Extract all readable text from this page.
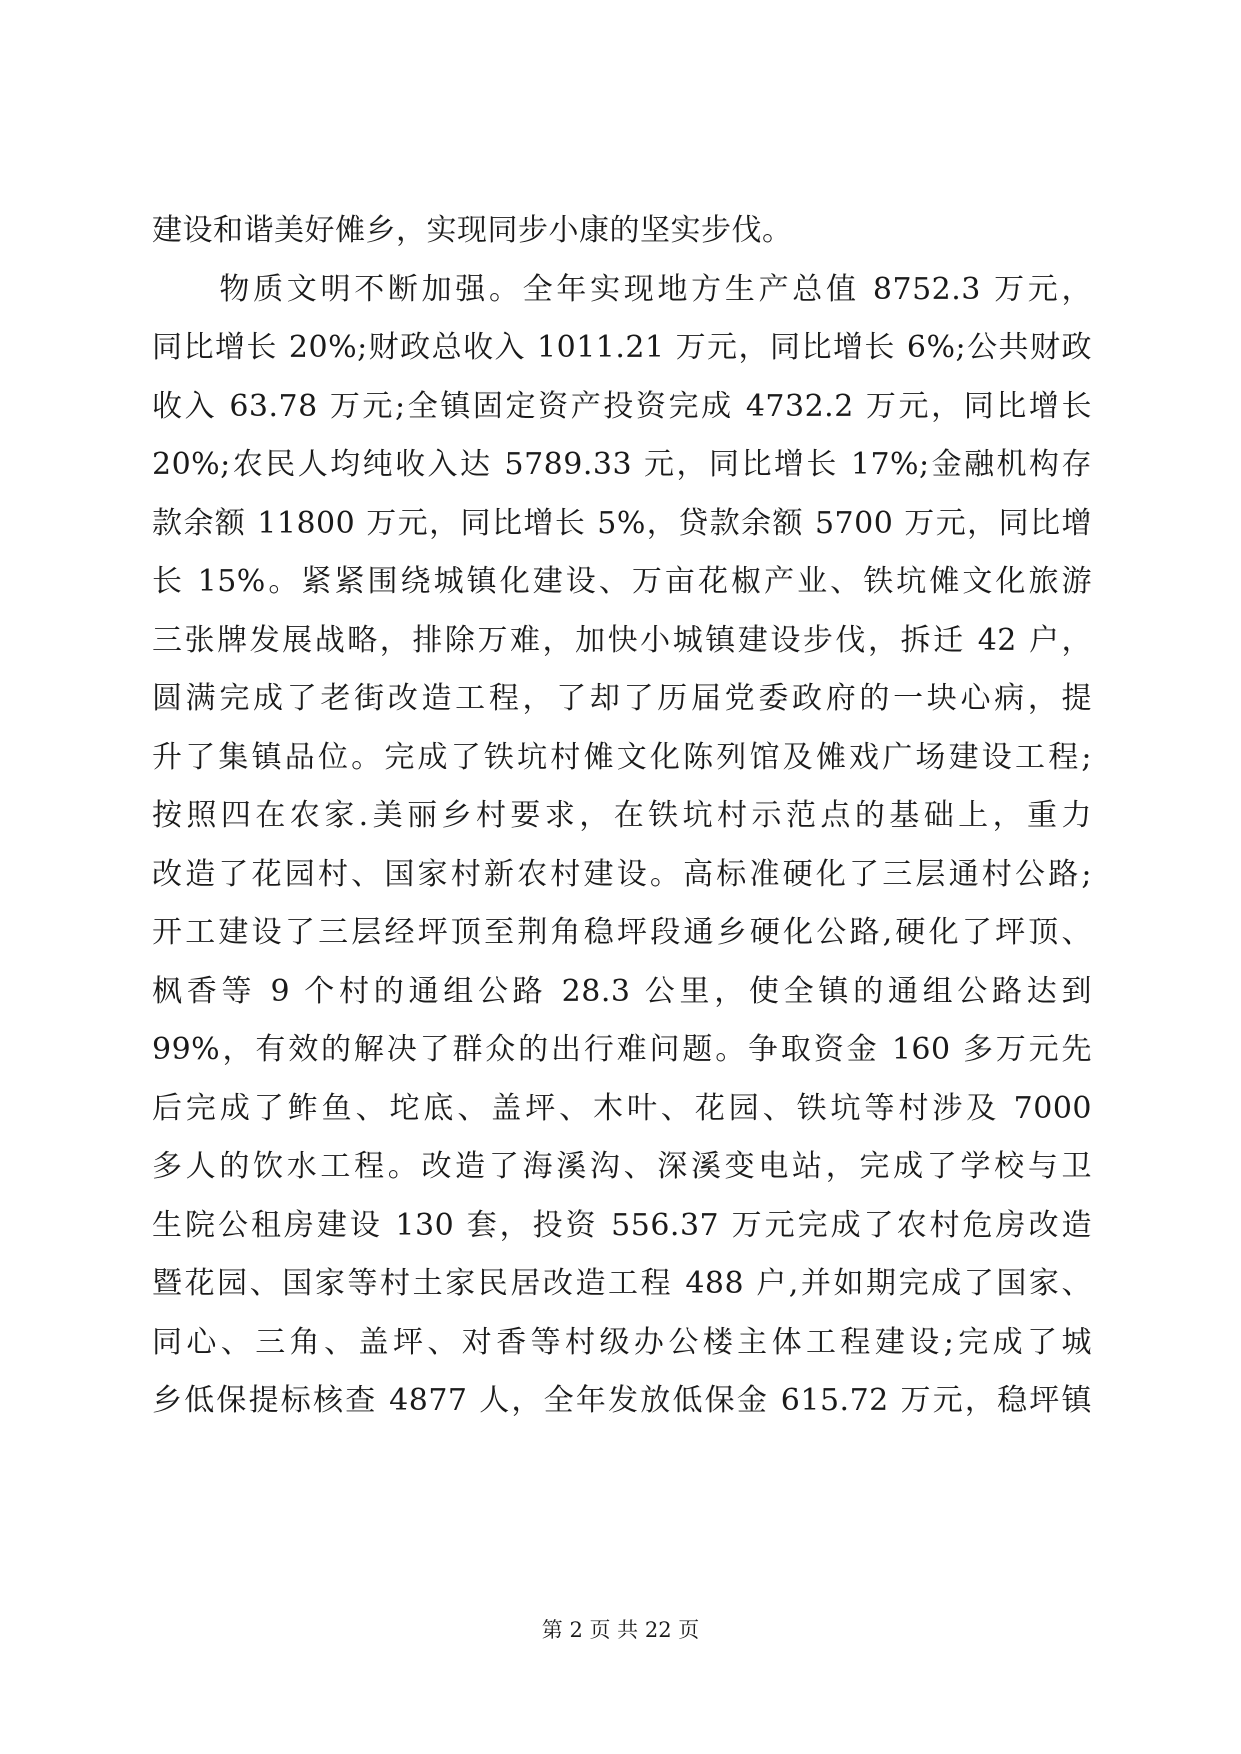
建设和谐美好傩乡，实现同步小康的坚实步伐。
　　物质文明不断加强。全年实现地方生产总值 8752.3 万元，
同比增长 20%;财政总收入 1011.21 万元，同比增长 6%;公共财政
收入 63.78 万元;全镇固定资产投资完成 4732.2 万元，同比增长
20%;农民人均纯收入达 5789.33 元，同比增长 17%;金融机构存
款余额 11800 万元，同比增长 5%，贷款余额 5700 万元，同比增
长 15%。紧紧围绕城镇化建设、万亩花椒产业、铁坑傩文化旅游
三张牌发展战略，排除万难，加快小城镇建设步伐，拆迁 42 户，
圆满完成了老街改造工程，了却了历届党委政府的一块心病，提
升了集镇品位。完成了铁坑村傩文化陈列馆及傩戏广场建设工程;
按照四在农家.美丽乡村要求，在铁坑村示范点的基础上，重力
改造了花园村、国家村新农村建设。高标准硬化了三层通村公路;
开工建设了三层经坪顶至荆角稳坪段通乡硬化公路,硬化了坪顶、
枫香等 9 个村的通组公路 28.3 公里，使全镇的通组公路达到
99%，有效的解决了群众的出行难问题。争取资金 160 多万元先
后完成了鲊鱼、坨底、盖坪、木叶、花园、铁坑等村涉及 7000
多人的饮水工程。改造了海溪沟、深溪变电站，完成了学校与卫
生院公租房建设 130 套，投资 556.37 万元完成了农村危房改造
暨花园、国家等村土家民居改造工程 488 户,并如期完成了国家、
同心、三角、盖坪、对香等村级办公楼主体工程建设;完成了城
乡低保提标核查 4877 人，全年发放低保金 615.72 万元，稳坪镇
第 2 页 共 22 页
